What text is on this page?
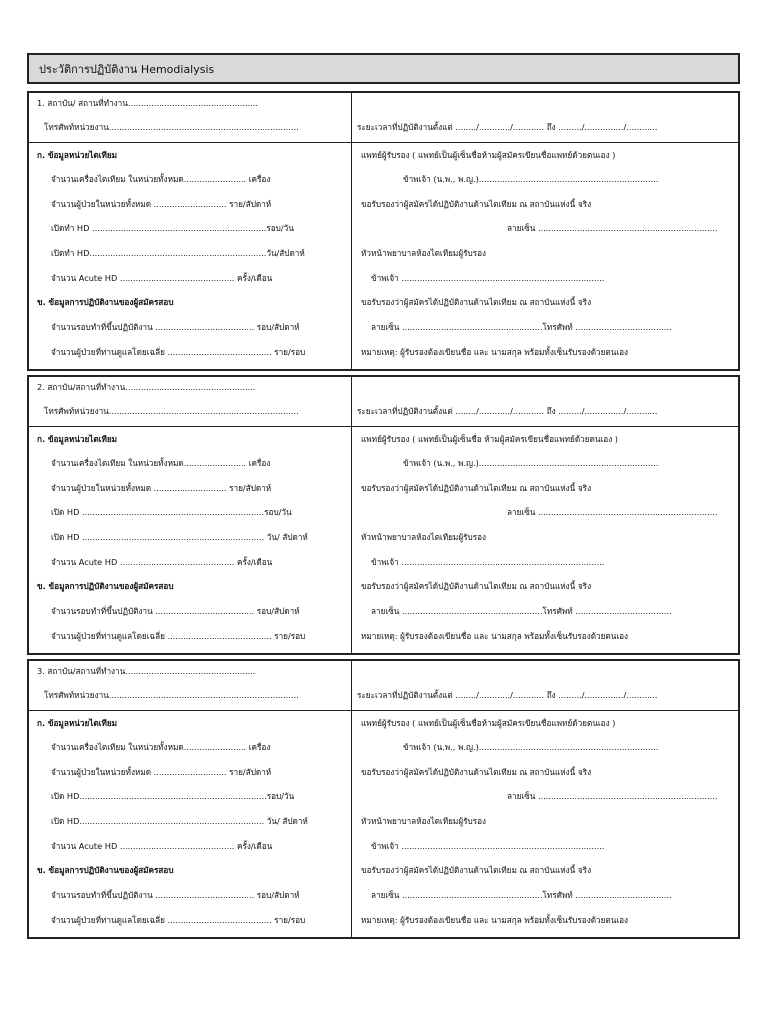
ประวัติการปฏิบัติงาน Hemodialysis
1. สถาบัน/ สถานที่ทำงาน..................................................
โทรศัพท์หน่วยงาน.........................................................................	ระยะเวลาที่ปฏิบัติงานตั้งแต่ ......../............/............ ถึง ........./.............../............
ก. ข้อมูลหน่วยไตเทียม
จำนวนเครื่องไตเทียม ในหน่วยทั้งหมด........................ เครื่อง
จำนวนผู้ป่วยในหน่วยทั้งหมด ............................ ราย/สัปดาห์
เปิดทำ HD ...................................................................รอบ/วัน
เปิดทำ HD....................................................................วัน/สัปดาห์
จำนวน Acute HD ............................................ ครั้ง/เดือน
ข. ข้อมูลการปฏิบัติงานของผู้สมัครสอบ
จำนวนรอบทำที่ขึ้นปฏิบัติงาน ...................................... รอบ/สัปดาห์
จำนวนผู้ป่วยที่ท่านดูแลโดยเฉลี่ย ........................................ ราย/รอบ
แพทย์ผู้รับรอง ( แพทย์เป็นผู้เซ็นชื่อห้ามผู้สมัครเขียนชื่อแพทย์ด้วยตนเอง )
ข้าพเจ้า (น.พ., พ.ญ.).....................................................................
ขอรับรองว่าผู้สมัครได้ปฏิบัติงานด้านไตเทียม ณ สถาบันแห่งนี้ จริง
ลายเซ็น .....................................................................
หัวหน้าพยาบาลห้องไตเทียมผู้รับรอง
ข้าพเจ้า ..............................................................................
ขอรับรองว่าผู้สมัครได้ปฏิบัติงานด้านไตเทียม ณ สถาบันแห่งนี้ จริง
ลายเซ็น ......................................................โทรศัพท์ .....................................
หมายเหตุ: ผู้รับรองต้องเขียนชื่อ และ นามสกุล พร้อมทั้งเซ็นรับรองด้วยตนเอง
2. สถาบัน/สถานที่ทำงาน..................................................
โทรศัพท์หน่วยงาน.........................................................................	ระยะเวลาที่ปฏิบัติงานตั้งแต่ ......../............/............ ถึง ........./.............../............
ก. ข้อมูลหน่วยไตเทียม
จำนวนเครื่องไตเทียม ในหน่วยทั้งหมด........................ เครื่อง
จำนวนผู้ป่วยในหน่วยทั้งหมด ............................ ราย/สัปดาห์
เปิด HD ......................................................................รอบ/วัน
เปิด HD ...................................................................... วัน/ สัปดาห์
จำนวน Acute HD ............................................ ครั้ง/เดือน
ข. ข้อมูลการปฏิบัติงานของผู้สมัครสอบ
จำนวนรอบทำที่ขึ้นปฏิบัติงาน ...................................... รอบ/สัปดาห์
จำนวนผู้ป่วยที่ท่านดูแลโดยเฉลี่ย ........................................ ราย/รอบ
แพทย์ผู้รับรอง ( แพทย์เป็นผู้เซ็นชื่อ ห้ามผู้สมัครเขียนชื่อแพทย์ด้วยตนเอง )
ข้าพเจ้า (น.พ., พ.ญ.).....................................................................
ขอรับรองว่าผู้สมัครได้ปฏิบัติงานด้านไตเทียม ณ สถาบันแห่งนี้ จริง
ลายเซ็น .....................................................................
หัวหน้าพยาบาลห้องไตเทียมผู้รับรอง
ข้าพเจ้า ..............................................................................
ขอรับรองว่าผู้สมัครได้ปฏิบัติงานด้านไตเทียม ณ สถาบันแห่งนี้ จริง
ลายเซ็น ......................................................โทรศัพท์ .....................................
หมายเหตุ: ผู้รับรองต้องเขียนชื่อ และ นามสกุล พร้อมทั้งเซ็นรับรองด้วยตนเอง
3. สถาบัน/สถานที่ทำงาน..................................................
โทรศัพท์หน่วยงาน.........................................................................	ระยะเวลาที่ปฏิบัติงานตั้งแต่ ......../............/............ ถึง ........./.............../............
ก. ข้อมูลหน่วยไตเทียม
จำนวนเครื่องไตเทียม ในหน่วยทั้งหมด........................ เครื่อง
จำนวนผู้ป่วยในหน่วยทั้งหมด ............................ ราย/สัปดาห์
เปิด HD........................................................................รอบ/วัน
เปิด HD....................................................................... วัน/ สัปดาห์
จำนวน Acute HD ............................................ ครั้ง/เดือน
ข. ข้อมูลการปฏิบัติงานของผู้สมัครสอบ
จำนวนรอบทำที่ขึ้นปฏิบัติงาน ...................................... รอบ/สัปดาห์
จำนวนผู้ป่วยที่ท่านดูแลโดยเฉลี่ย ........................................ ราย/รอบ
แพทย์ผู้รับรอง ( แพทย์เป็นผู้เซ็นชื่อห้ามผู้สมัครเขียนชื่อแพทย์ด้วยตนเอง )
ข้าพเจ้า (น.พ., พ.ญ.).....................................................................
ขอรับรองว่าผู้สมัครได้ปฏิบัติงานด้านไตเทียม ณ สถาบันแห่งนี้ จริง
ลายเซ็น .....................................................................
หัวหน้าพยาบาลห้องไตเทียมผู้รับรอง
ข้าพเจ้า ..............................................................................
ขอรับรองว่าผู้สมัครได้ปฏิบัติงานด้านไตเทียม ณ สถาบันแห่งนี้ จริง
ลายเซ็น ......................................................โทรศัพท์ .....................................
หมายเหตุ: ผู้รับรองต้องเขียนชื่อ และ นามสกุล พร้อมทั้งเซ็นรับรองด้วยตนเอง
